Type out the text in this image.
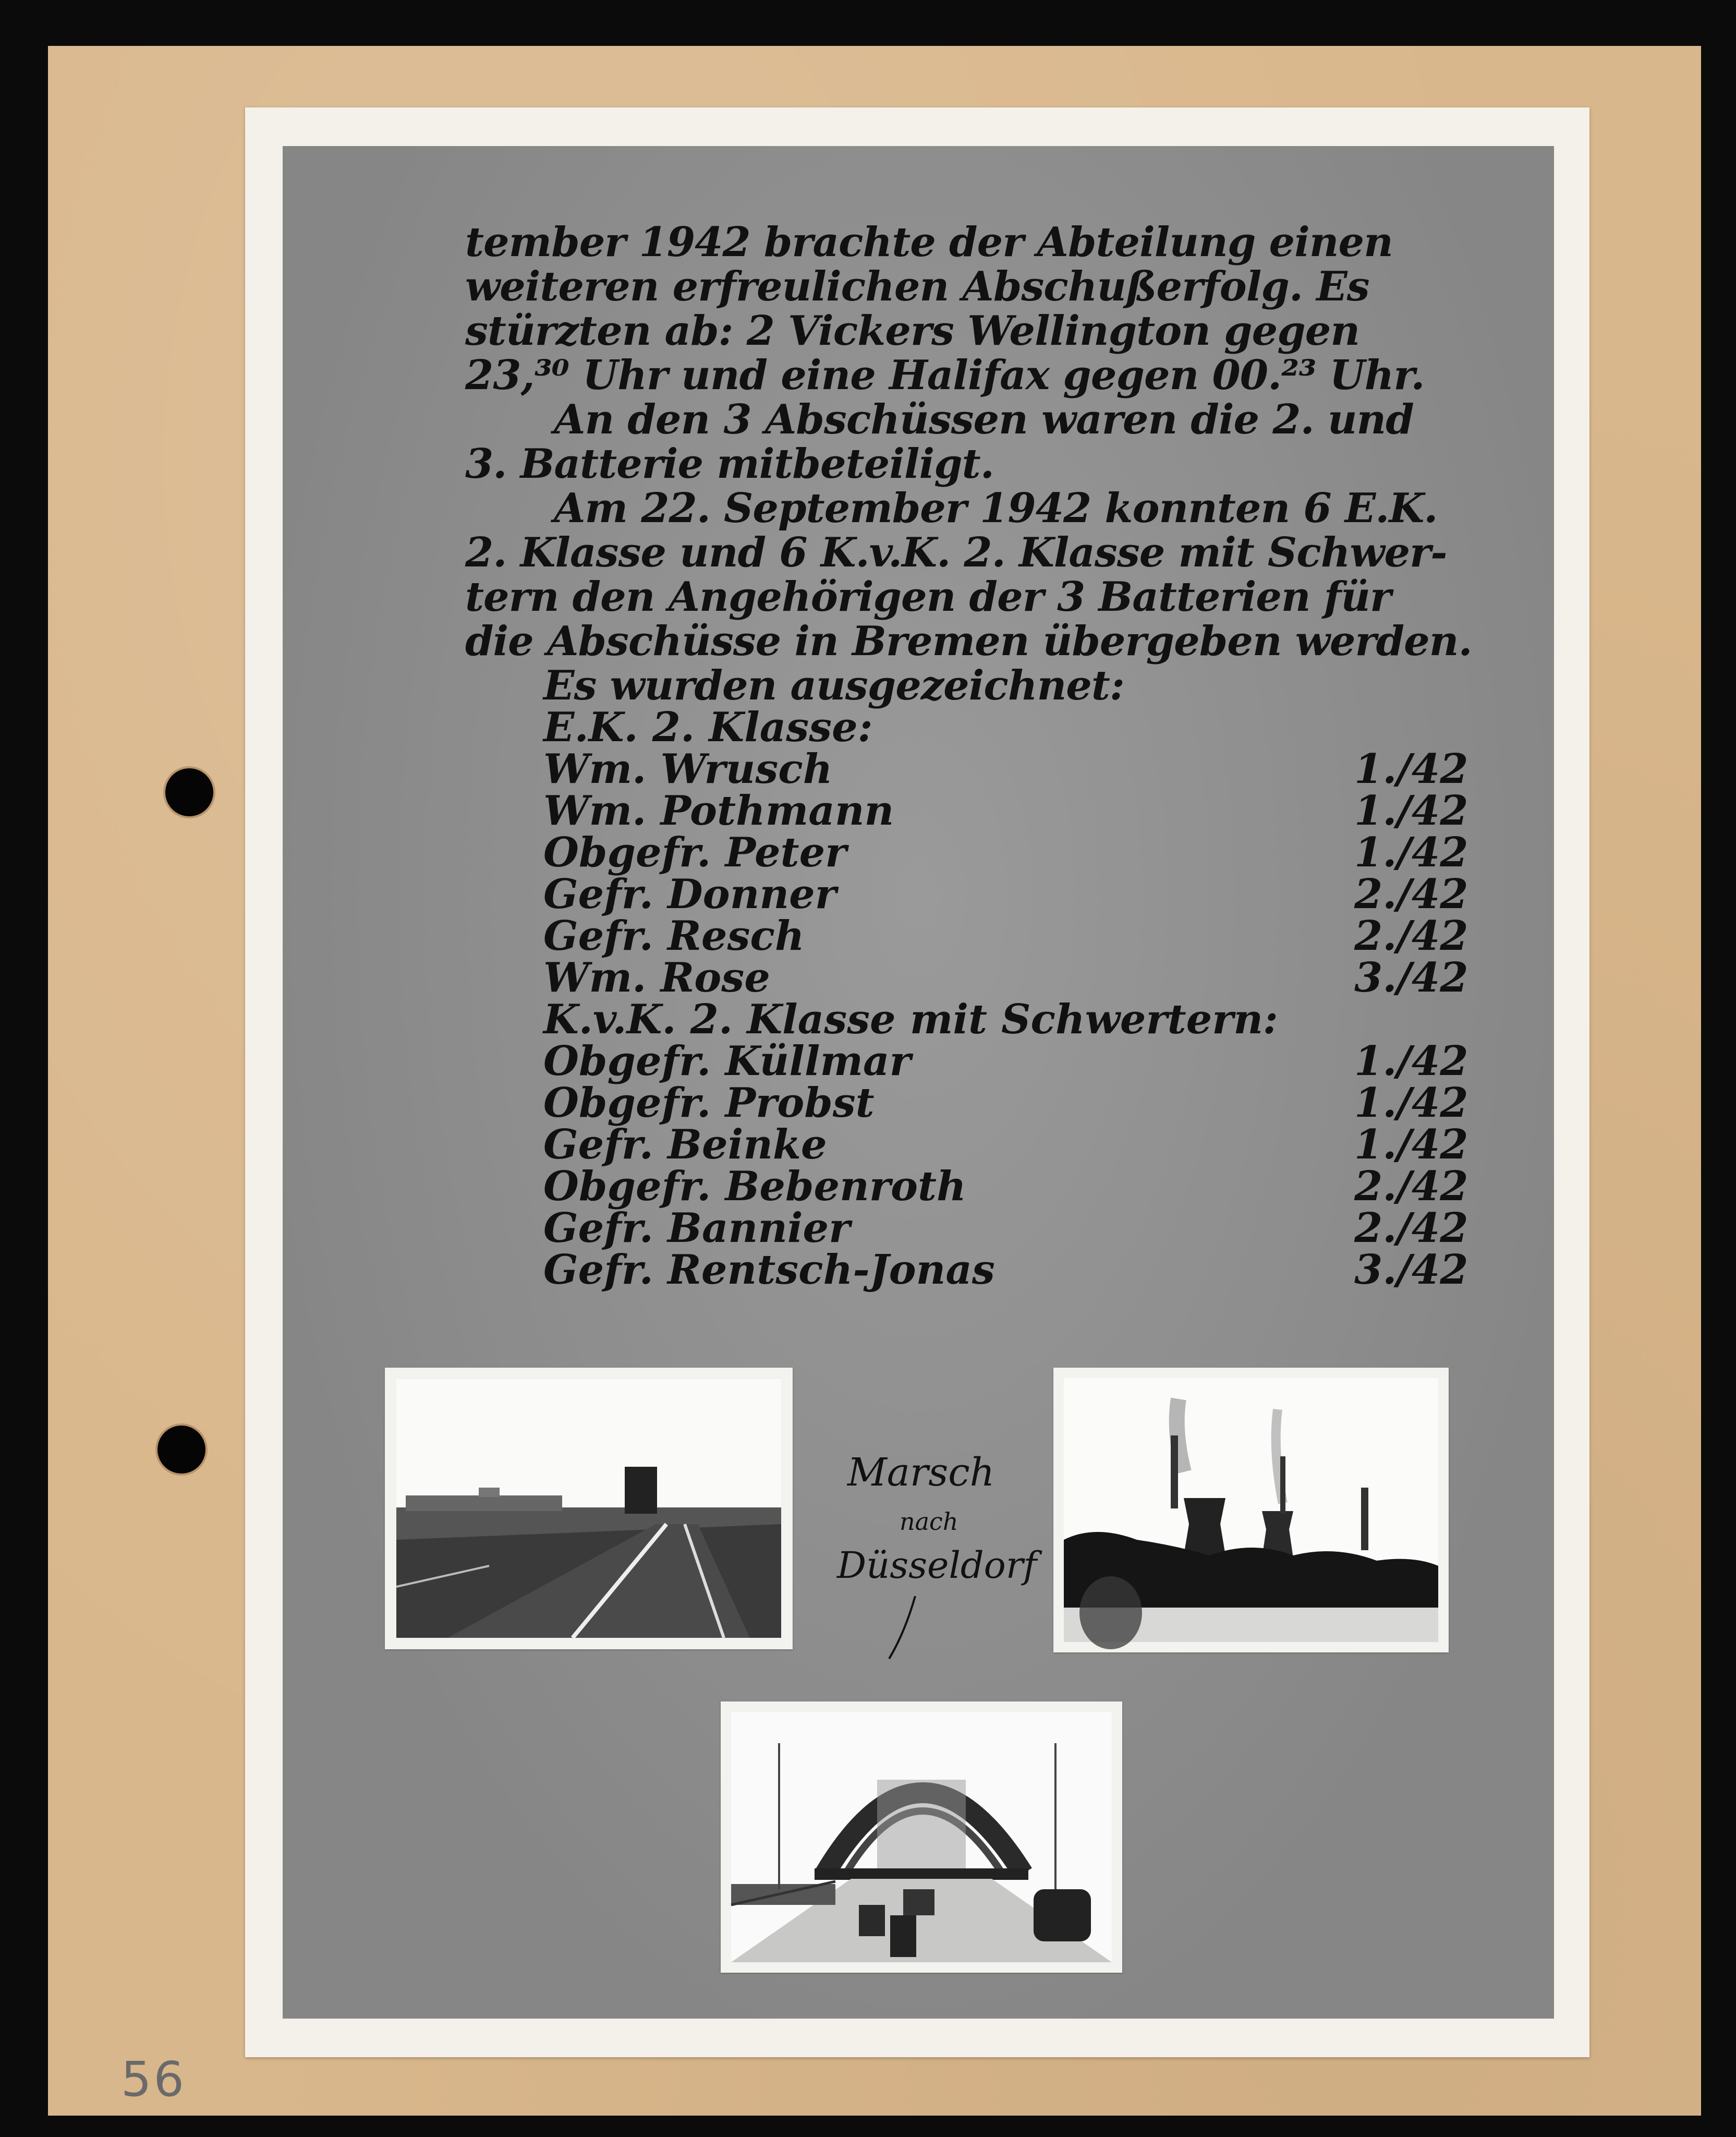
56

tember 1942 brachte der Abteilung einen

weiteren erfreulichen Abschußerfolg. Es

stürzten ab: 2 Vickers Wellington gegen

23,³⁰ Uhr und eine Halifax gegen 00.²³ Uhr.

An den 3 Abschüssen waren die 2. und

3. Batterie mitbeteiligt.

Am 22. September 1942 konnten 6 E.K.

2. Klasse und 6 K.v.K. 2. Klasse mit Schwer-

tern den Angehörigen der 3 Batterien für

die Abschüsse in Bremen übergeben werden.

Es wurden ausgezeichnet:

E.K. 2. Klasse:

Wm. Wrusch	1./42

Wm. Pothmann	1./42

Obgefr. Peter	1./42

Gefr. Donner	2./42

Gefr. Resch	2./42

Wm. Rose	3./42

K.v.K. 2. Klasse mit Schwertern:

Obgefr. Küllmar	1./42

Obgefr. Probst	1./42

Gefr. Beinke	1./42

Obgefr. Bebenroth	2./42

Gefr. Bannier	2./42

Gefr. Rentsch-Jonas	3./42

Marsch

nach

Düsseldorf
